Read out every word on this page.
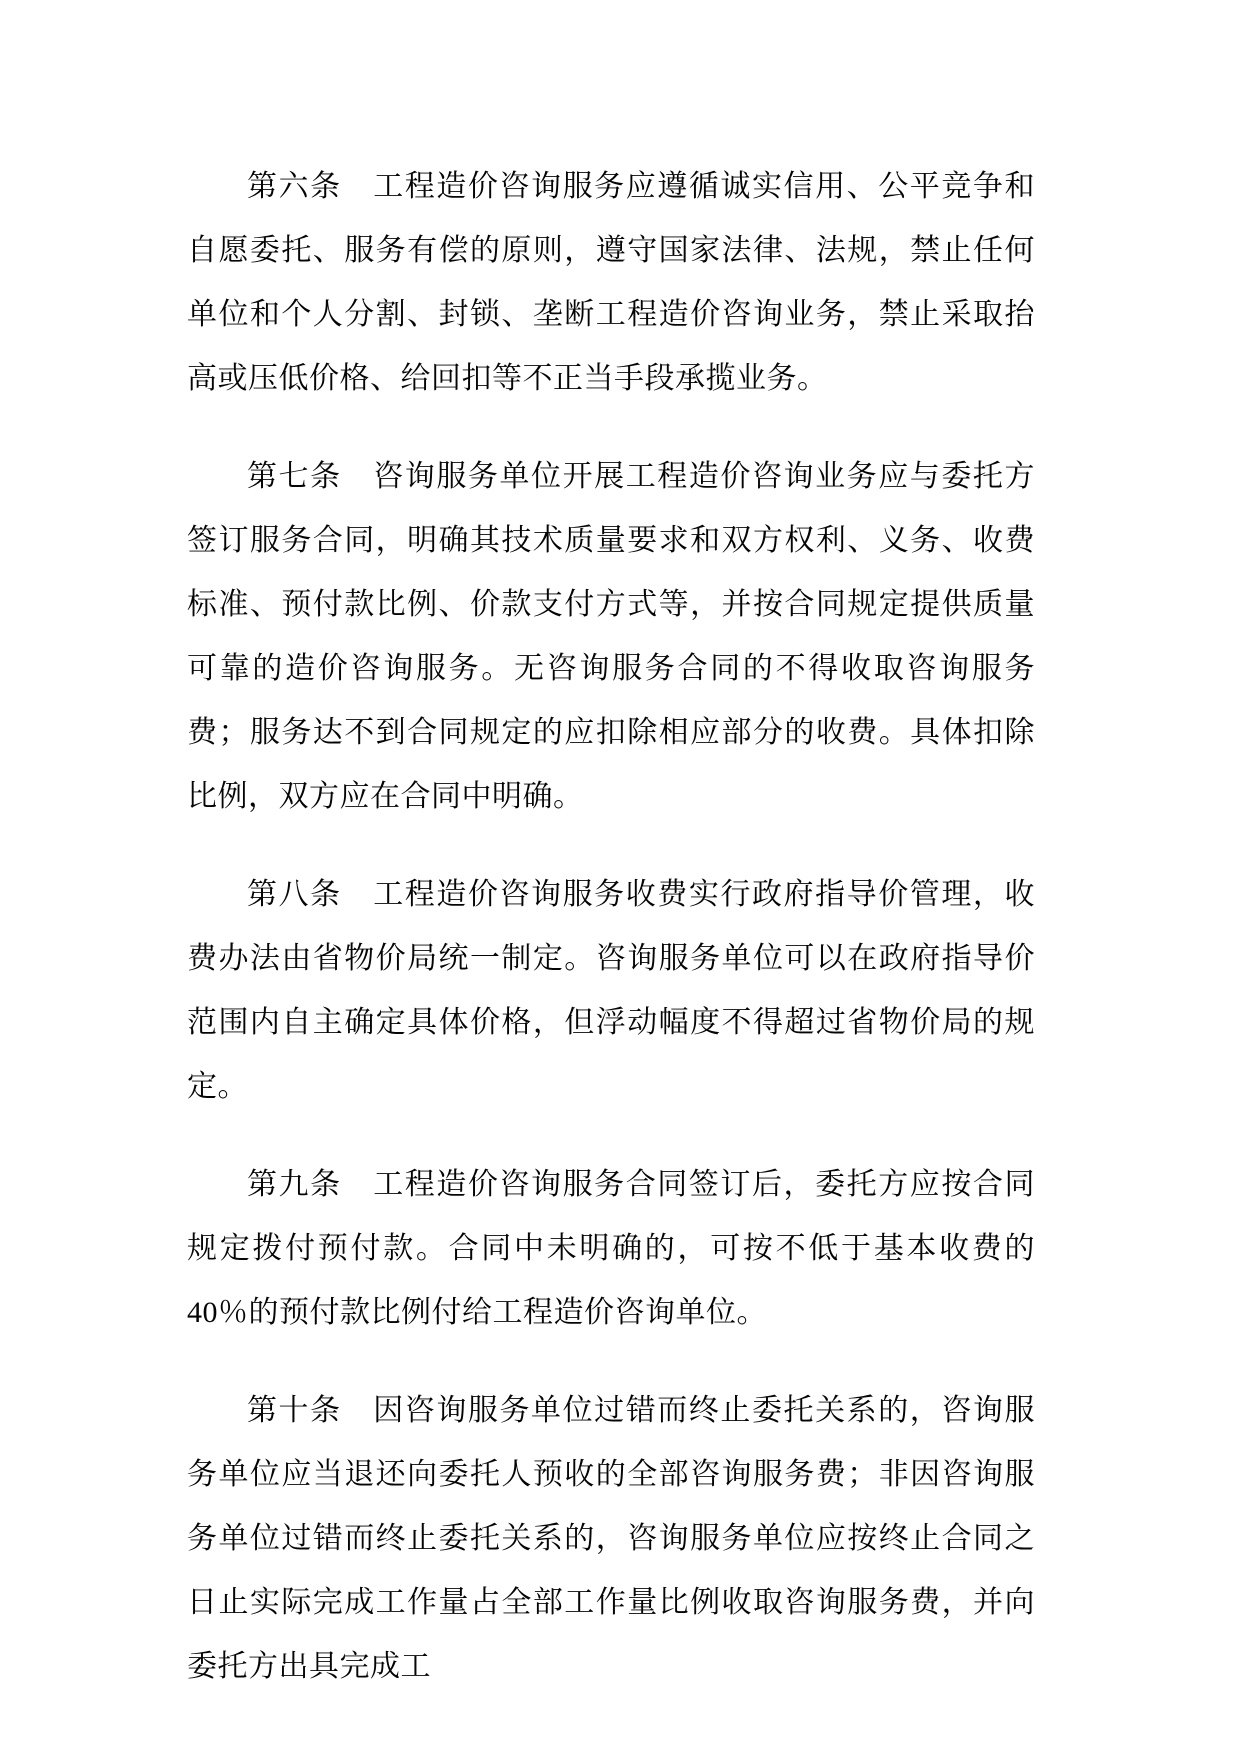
第六条　工程造价咨询服务应遵循诚实信用、公平竞争和自愿委托、服务有偿的原则，遵守国家法律、法规，禁止任何单位和个人分割、封锁、垄断工程造价咨询业务，禁止采取抬高或压低价格、给回扣等不正当手段承揽业务。

第七条　咨询服务单位开展工程造价咨询业务应与委托方签订服务合同，明确其技术质量要求和双方权利、义务、收费标准、预付款比例、价款支付方式等，并按合同规定提供质量可靠的造价咨询服务。无咨询服务合同的不得收取咨询服务费；服务达不到合同规定的应扣除相应部分的收费。具体扣除比例，双方应在合同中明确。

第八条　工程造价咨询服务收费实行政府指导价管理，收费办法由省物价局统一制定。咨询服务单位可以在政府指导价范围内自主确定具体价格，但浮动幅度不得超过省物价局的规定。

第九条　工程造价咨询服务合同签订后，委托方应按合同规定拨付预付款。合同中未明确的，可按不低于基本收费的 40％的预付款比例付给工程造价咨询单位。

第十条　因咨询服务单位过错而终止委托关系的，咨询服务单位应当退还向委托人预收的全部咨询服务费；非因咨询服务单位过错而终止委托关系的，咨询服务单位应按终止合同之日止实际完成工作量占全部工作量比例收取咨询服务费，并向委托方出具完成工
